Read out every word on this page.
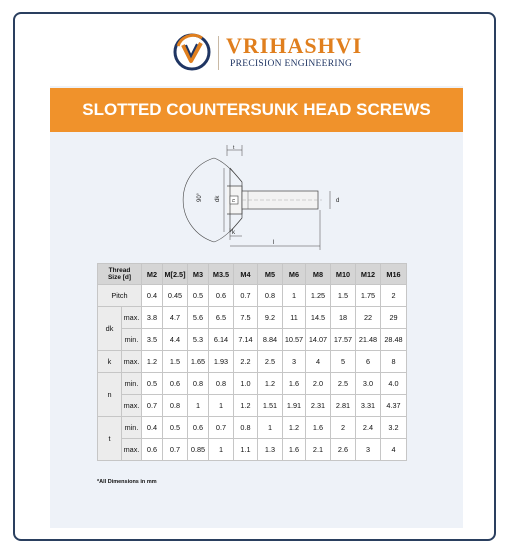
VRIHASHVI
PRECISION ENGINEERING
SLOTTED COUNTERSUNK HEAD SCREWS
90° dk n	d
k
l
t
Thread
Size [d]		M2	M[2.5]	M3	M3.5	M4	M5	M6	M8	M10	M12	M16
Pitch		0.4	0.45	0.5	0.6	0.7	0.8	1	1.25	1.5	1.75	2
dk	max.	3.8	4.7	5.6	6.5	7.5	9.2	11	14.5	18	22	29
	min.	3.5	4.4	5.3	6.14	7.14	8.84	10.57	14.07	17.57	21.48	28.48
k	max.	1.2	1.5	1.65	1.93	2.2	2.5	3	4	5	6	8
n	min.	0.5	0.6	0.8	0.8	1.0	1.2	1.6	2.0	2.5	3.0	4.0
	max.	0.7	0.8	1	1	1.2	1.51	1.91	2.31	2.81	3.31	4.37
t	min.	0.4	0.5	0.6	0.7	0.8	1	1.2	1.6	2	2.4	3.2
	max.	0.6	0.7	0.85	1	1.1	1.3	1.6	2.1	2.6	3	4
*All Dimensions in mm
